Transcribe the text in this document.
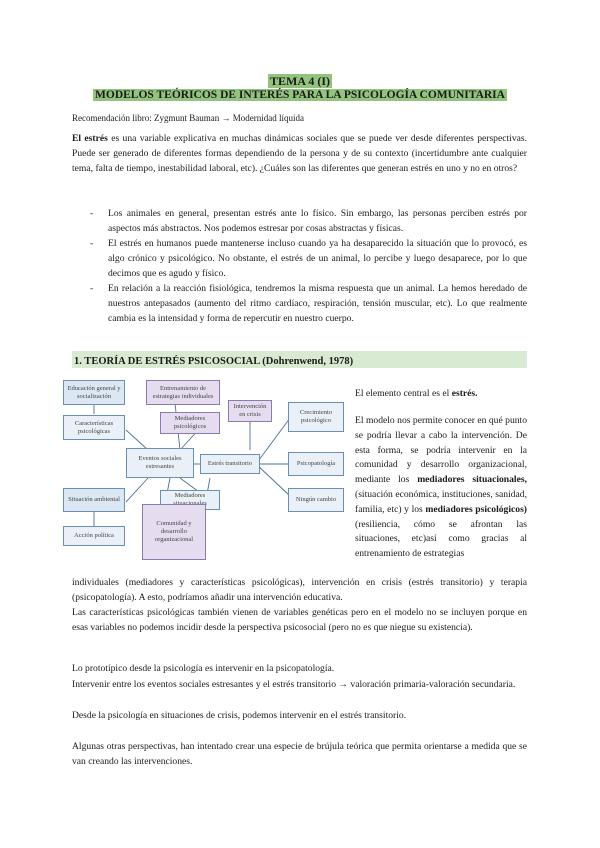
TEMA 4 (I)
MODELOS TEÓRICOS DE INTERÉS PARA LA PSICOLOGÍA COMUNITARIA
Recomendación libro: Zygmunt Bauman → Modernidad líquida
El estrés es una variable explicativa en muchas dinámicas sociales que se puede ver desde diferentes perspectivas. Puede ser generado de diferentes formas dependiendo de la persona y de su contexto (incertidumbre ante cualquier tema, falta de tiempo, inestabilidad laboral, etc). ¿Cuáles son las diferentes que generan estrés en uno y no en otros?
- Los animales en general, presentan estrés ante lo físico. Sin embargo, las personas perciben estrés por aspectos más abstractos. Nos podemos estresar por cosas abstractas y físicas.
- El estrés en humanos puede mantenerse incluso cuando ya ha desaparecido la situación que lo provocó, es algo crónico y psicológico. No obstante, el estrés de un animal, lo percibe y luego desaparece, por lo que decimos que es agudo y físico.
- En relación a la reacción fisiológica, tendremos la misma respuesta que un animal. La hemos heredado de nuestros antepasados (aumento del ritmo cardíaco, respiración, tensión muscular, etc). Lo que realmente cambia es la intensidad y forma de repercutir en nuestro cuerpo.
1. TEORÍA DE ESTRÉS PSICOSOCIAL (Dohrenwend, 1978)
Educación general y socialización
Características psicológicas
Entrenamiento de estrategias individuales
Mediadores psicológicos
Eventos sociales estresantes	Estrés transitorio
Intervención en crisis	Crecimiento psicológico
Psicopatología
Ningún cambio
Situación ambiental
Acción política
Mediadores
Comunidad y desarrollo organizacional
El elemento central es el estrés.
El modelo nos permite conocer en qué punto se podría llevar a cabo la intervención. De esta forma, se podría intervenir en la comunidad y desarrollo organizacional, mediante los mediadores situacionales, (situación económica, instituciones, sanidad, familia, etc) y los mediadores psicológicos) (resiliencia, cómo se afrontan las situaciones, etc)así como gracias al entrenamiento de estrategias
individuales (mediadores y características psicológicas), intervención en crisis (estrés transitorio) y terapia (psicopatología). A esto, podríamos añadir una intervención educativa.
Las características psicológicas también vienen de variables genéticas pero en el modelo no se incluyen porque en esas variables no podemos incidir desde la perspectiva psicosocial (pero no es que niegue su existencia).
Lo prototípico desde la psicología es intervenir en la psicopatología.
Intervenir entre los eventos sociales estresantes y el estrés transitorio → valoración primaria-valoración secundaria.
Desde la psicología en situaciones de crisis, podemos intervenir en el estrés transitorio.
Algunas otras perspectivas, han intentado crear una especie de brújula teórica que permita orientarse a medida que se van creando las intervenciones.
